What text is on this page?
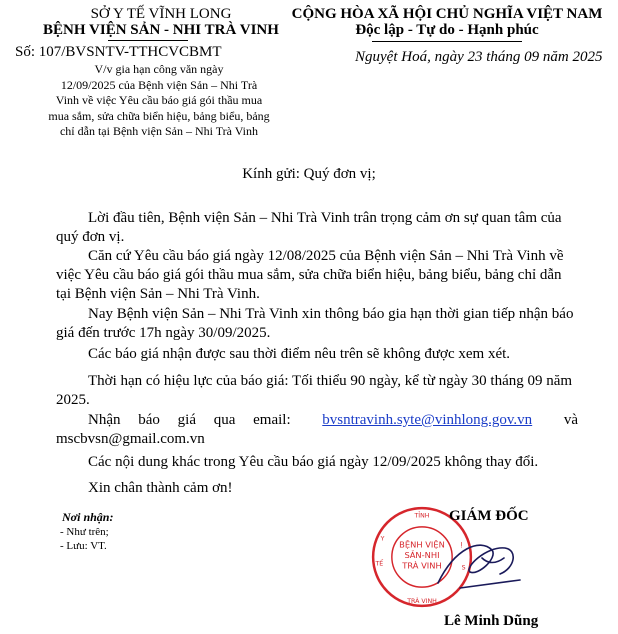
SỞ Y TẾ VĨNH LONG
BỆNH VIỆN SẢN - NHI TRÀ VINH
Số: 107/BVSNTV-TTHCVCBMT
V/v gia hạn công văn ngày
12/09/2025 của Bệnh viện Sản – Nhi Trà
Vinh về việc Yêu cầu báo giá gói thầu mua
mua sắm, sửa chữa biển hiệu, bảng biểu, bảng
chỉ dẫn tại Bệnh viện Sản – Nhi Trà Vinh
CỘNG HÒA XÃ HỘI CHỦ NGHĨA VIỆT NAM
Độc lập - Tự do - Hạnh phúc
Nguyệt Hoá, ngày 23 tháng 09 năm 2025
Kính gửi: Quý đơn vị;
Lời đầu tiên, Bệnh viện Sản – Nhi Trà Vinh trân trọng cảm ơn sự quan tâm của quý đơn vị.
Căn cứ Yêu cầu báo giá ngày 12/08/2025 của Bệnh viện Sản – Nhi Trà Vinh về việc Yêu cầu báo giá gói thầu mua sắm, sửa chữa biển hiệu, bảng biểu, bảng chỉ dẫn tại Bệnh viện Sản – Nhi Trà Vinh.
Nay Bệnh viện Sản – Nhi Trà Vinh xin thông báo gia hạn thời gian tiếp nhận báo giá đến trước 17h ngày 30/09/2025.
Các báo giá nhận được sau thời điểm nêu trên sẽ không được xem xét.
Thời hạn có hiệu lực của báo giá: Tối thiểu 90 ngày, kể từ ngày 30 tháng 09 năm 2025.
Nhận báo giá qua email: bvsntravinh.syte@vinhlong.gov.vn và
mscbvsn@gmail.com.vn
Các nội dung khác trong Yêu cầu báo giá ngày 12/09/2025 không thay đổi.
Xin chân thành cảm ơn!
Nơi nhận:
- Như trên;
- Lưu: VT.
TỈNH
TRÀ VINH
BỆNH VIỆN
SẢN-NHI
TRÀ VINH
Y
TẾ
Ị
S
GIÁM ĐỐC
Lê Minh Dũng
